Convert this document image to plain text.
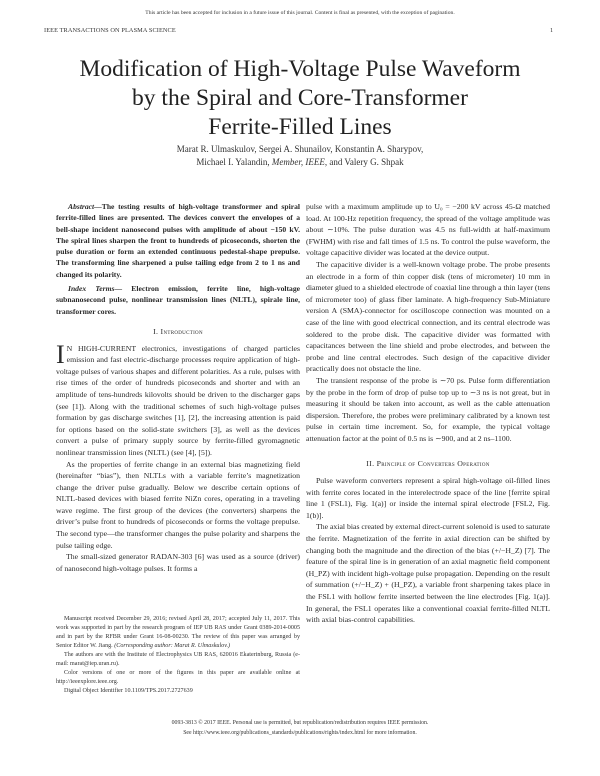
This article has been accepted for inclusion in a future issue of this journal. Content is final as presented, with the exception of pagination.
IEEE TRANSACTIONS ON PLASMA SCIENCE	1
Modification of High-Voltage Pulse Waveform
by the Spiral and Core-Transformer
Ferrite-Filled Lines
Marat R. Ulmaskulov, Sergei A. Shunailov, Konstantin A. Sharypov,
Michael I. Yalandin, Member, IEEE, and Valery G. Shpak

Abstract—The testing results of high-voltage transformer and spiral ferrite-filled lines are presented. The devices convert the envelopes of a bell-shape incident nanosecond pulses with amplitude of about −150 kV. The spiral lines sharpen the front to hundreds of picoseconds, shorten the pulse duration or form an extended continuous pedestal-shape prepulse. The transforming line sharpened a pulse tailing edge from 2 to 1 ns and changed its polarity.

Index Terms— Electron emission, ferrite line, high-voltage subnanosecond pulse, nonlinear transmission lines (NLTL), spirale line, transformer cores.

I. Introduction

I N HIGH-CURRENT electronics, investigations of charged particles emission and fast electric-discharge processes require application of high-voltage pulses of various shapes and different polarities. As a rule, pulses with rise times of the order of hundreds picoseconds and shorter and with an amplitude of tens-hundreds kilovolts should be driven to the discharger gaps (see [1]). Along with the traditional schemes of such high-voltage pulses formation by gas discharge switches [1], [2], the increasing attention is paid for options based on the solid-state switchers [3], as well as the devices convert a pulse of primary supply source by ferrite-filled gyromagnetic nonlinear transmission lines (NLTL) (see [4], [5]).

As the properties of ferrite change in an external bias magnetizing field (hereinafter “bias”), then NLTLs with a variable ferrite’s magnetization change the driver pulse gradually. Below we describe certain options of NLTL-based devices with biased ferrite NiZn cores, operating in a traveling wave regime. The first group of the devices (the converters) sharpens the driver’s pulse front to hundreds of picoseconds or forms the voltage prepulse. The second type—the transformer changes the pulse polarity and sharpens the pulse tailing edge.

The small-sized generator RADAN-303 [6] was used as a source (driver) of nanosecond high-voltage pulses. It forms a

Manuscript received December 29, 2016; revised April 28, 2017; accepted July 11, 2017. This work was supported in part by the research program of IEP UB RAS under Grant 0389-2014-0005 and in part by the RFBR under Grant 16-08-00230. The review of this paper was arranged by Senior Editor W. Jiang. (Corresponding author: Marat R. Ulmaskulov.)

The authors are with the Institute of Electrophysics UB RAS, 620016 Ekaterinburg, Russia (e-mail: marat@iep.uran.ru).

Color versions of one or more of the figures in this paper are available online at http://ieeexplore.ieee.org.

Digital Object Identifier 10.1109/TPS.2017.2727639

pulse with a maximum amplitude up to U₀ = −200 kV across 45-Ω matched load. At 100-Hz repetition frequency, the spread of the voltage amplitude was about ∼10%. The pulse duration was 4.5 ns full-width at half-maximum (FWHM) with rise and fall times of 1.5 ns. To control the pulse waveform, the voltage capacitive divider was located at the device output.

The capacitive divider is a well-known voltage probe. The probe presents an electrode in a form of thin copper disk (tens of micrometer) 10 mm in diameter glued to a shielded electrode of coaxial line through a thin layer (tens of micrometer too) of glass fiber laminate. A high-frequency Sub-Miniature version A (SMA)-connector for oscilloscope connection was mounted on a case of the line with good electrical connection, and its central electrode was soldered to the probe disk. The capacitive divider was formatted with capacitances between the line shield and probe electrodes, and between the probe and line central electrodes. Such design of the capacitive divider practically does not obstacle the line.

The transient response of the probe is ∼70 ps. Pulse form differentiation by the probe in the form of drop of pulse top up to ∼3 ns is not great, but in measuring it should be taken into account, as well as the cable attenuation dispersion. Therefore, the probes were preliminary calibrated by a known test pulse in certain time increment. So, for example, the typical voltage attenuation factor at the point of 0.5 ns is ∼900, and at 2 ns–1100.

II. Principle of Converters Operation

Pulse waveform converters represent a spiral high-voltage oil-filled lines with ferrite cores located in the interelectrode space of the line [ferrite spiral line 1 (FSL1), Fig. 1(a)] or inside the internal spiral electrode [FSL2, Fig. 1(b)].

The axial bias created by external direct-current solenoid is used to saturate the ferrite. Magnetization of the ferrite in axial direction can be shifted by changing both the magnitude and the direction of the bias (+/−H_Z) [7]. The feature of the spiral line is in generation of an axial magnetic field component (H_PZ) with incident high-voltage pulse propagation. Depending on the result of summation (+/−H_Z) + (H_PZ), a variable front sharpening takes place in the FSL1 with hollow ferrite inserted between the line electrodes [Fig. 1(a)]. In general, the FSL1 operates like a conventional coaxial ferrite-filled NLTL with axial bias-control capabilities.

0093-3813 © 2017 IEEE. Personal use is permitted, but republication/redistribution requires IEEE permission.
See http://www.ieee.org/publications_standards/publications/rights/index.html for more information.
